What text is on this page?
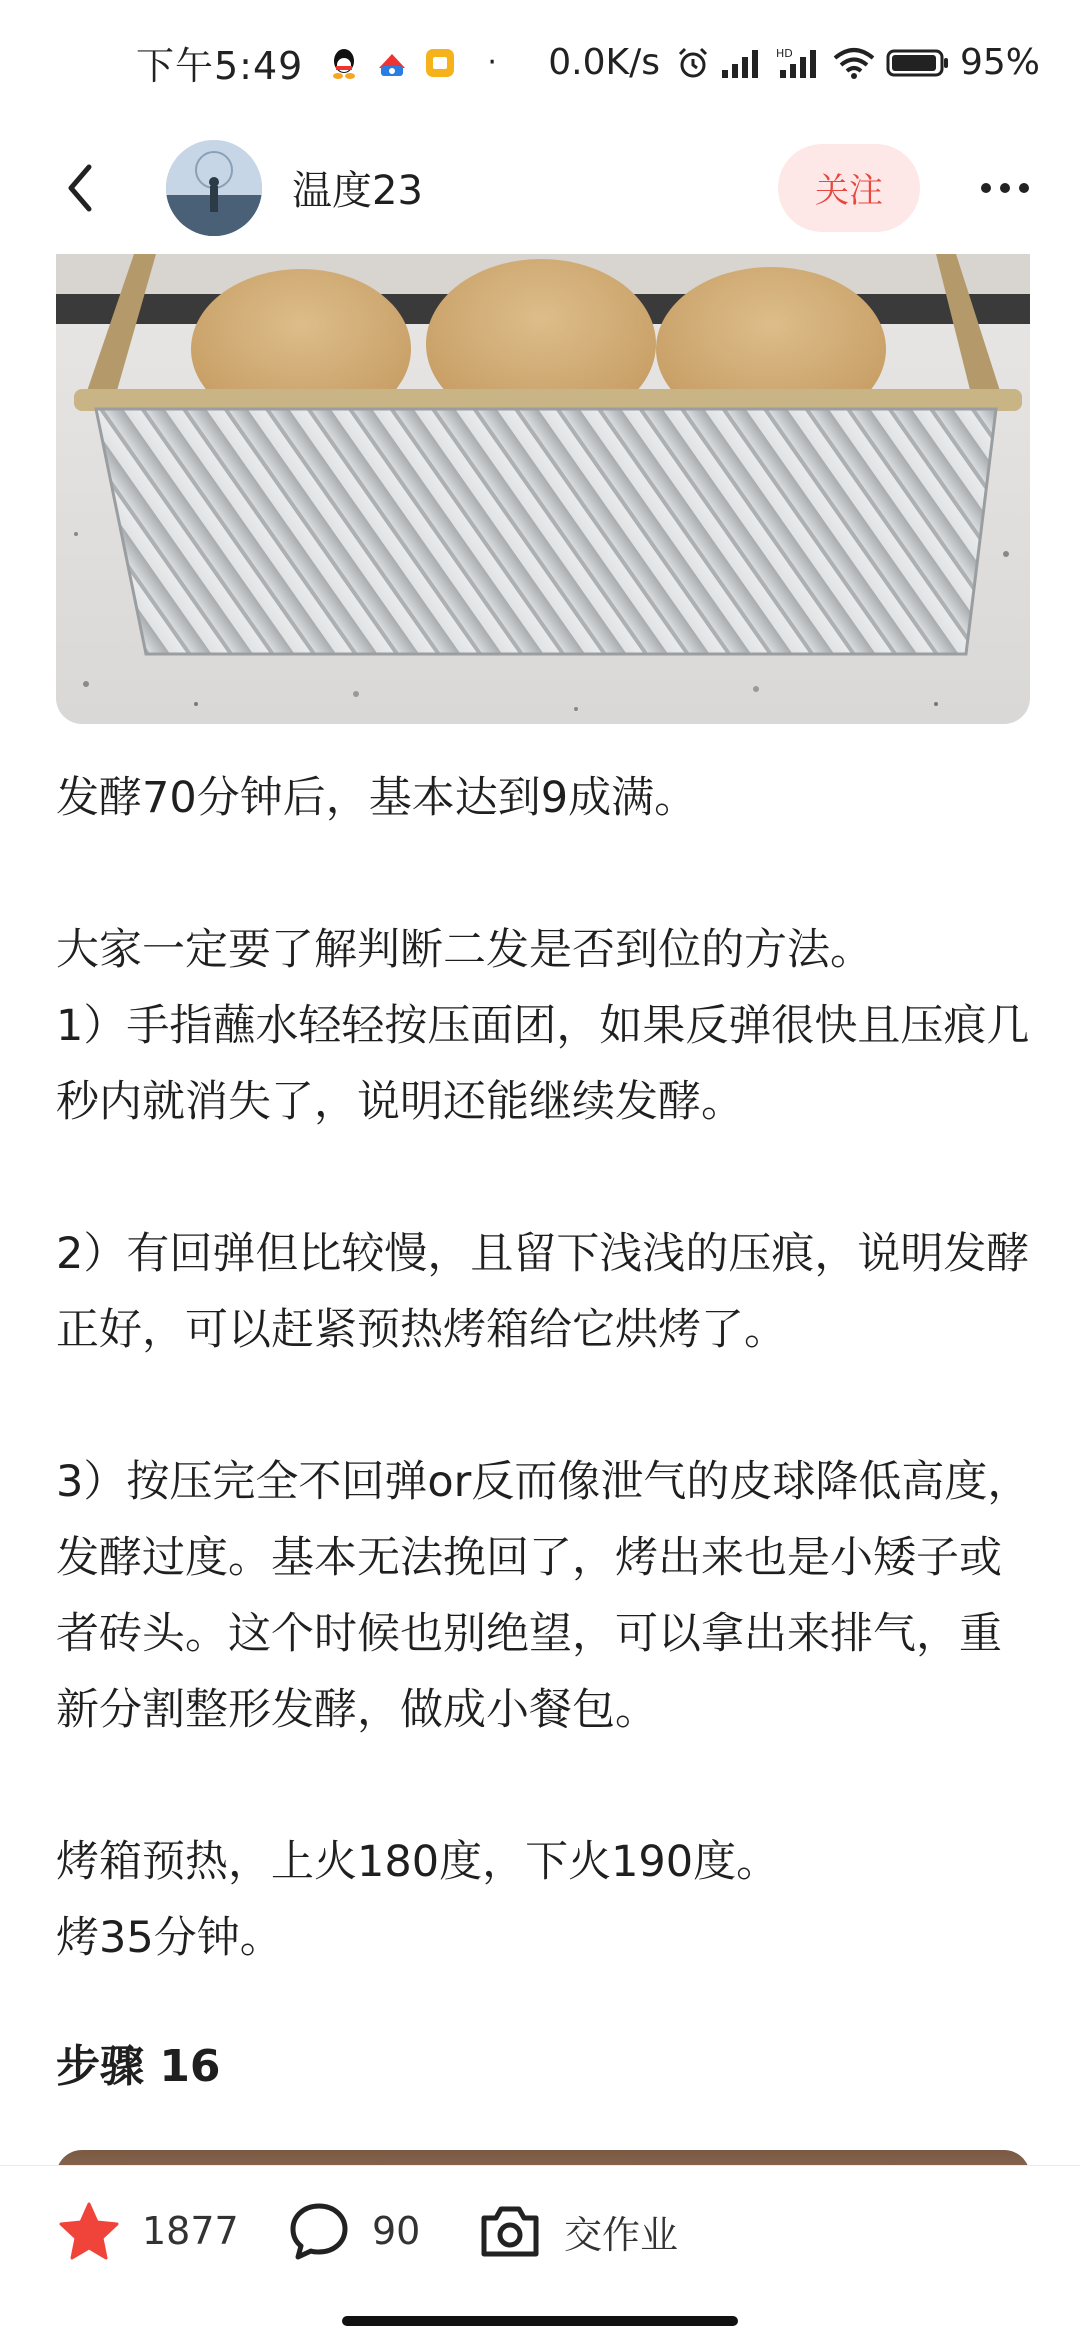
下午5:49	· 0.0K/s	HD	95%
温度23	关注

发酵70分钟后，基本达到9成满。

大家一定要了解判断二发是否到位的方法。

1）手指蘸水轻轻按压面团，如果反弹很快且压痕几秒内就消失了，说明还能继续发酵。

2）有回弹但比较慢，且留下浅浅的压痕，说明发酵正好，可以赶紧预热烤箱给它烘烤了。

3）按压完全不回弹or反而像泄气的皮球降低高度，发酵过度。基本无法挽回了，烤出来也是小矮子或者砖头。这个时候也别绝望，可以拿出来排气，重新分割整形发酵，做成小餐包。

烤箱预热，上火180度，下火190度。

烤35分钟。

步骤 16
1877	90	交作业
